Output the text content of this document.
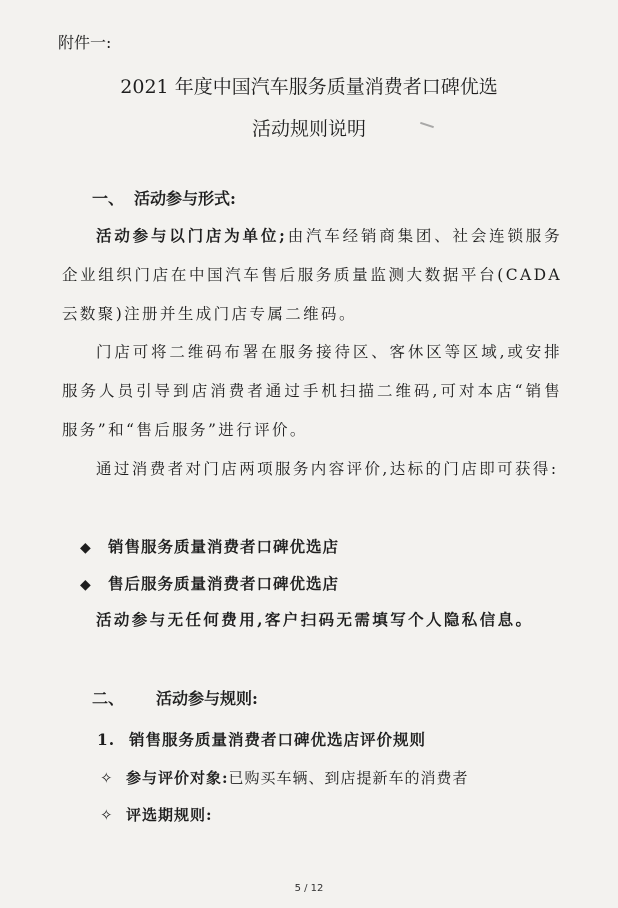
附件一:
2021 年度中国汽车服务质量消费者口碑优选
活动规则说明
一、 活动参与形式:
活动参与以门店为单位;由汽车经销商集团、社会连锁服务企业组织门店在中国汽车售后服务质量监测大数据平台(CADA云数聚)注册并生成门店专属二维码。
门店可将二维码布署在服务接待区、客休区等区域,或安排服务人员引导到店消费者通过手机扫描二维码,可对本店“销售服务”和“售后服务”进行评价。
通过消费者对门店两项服务内容评价,达标的门店即可获得:
◆ 销售服务质量消费者口碑优选店
◆ 售后服务质量消费者口碑优选店
活动参与无任何费用,客户扫码无需填写个人隐私信息。
二、 活动参与规则:
1. 销售服务质量消费者口碑优选店评价规则
✧ 参与评价对象:已购买车辆、到店提新车的消费者
✧ 评选期规则:
5 / 12
